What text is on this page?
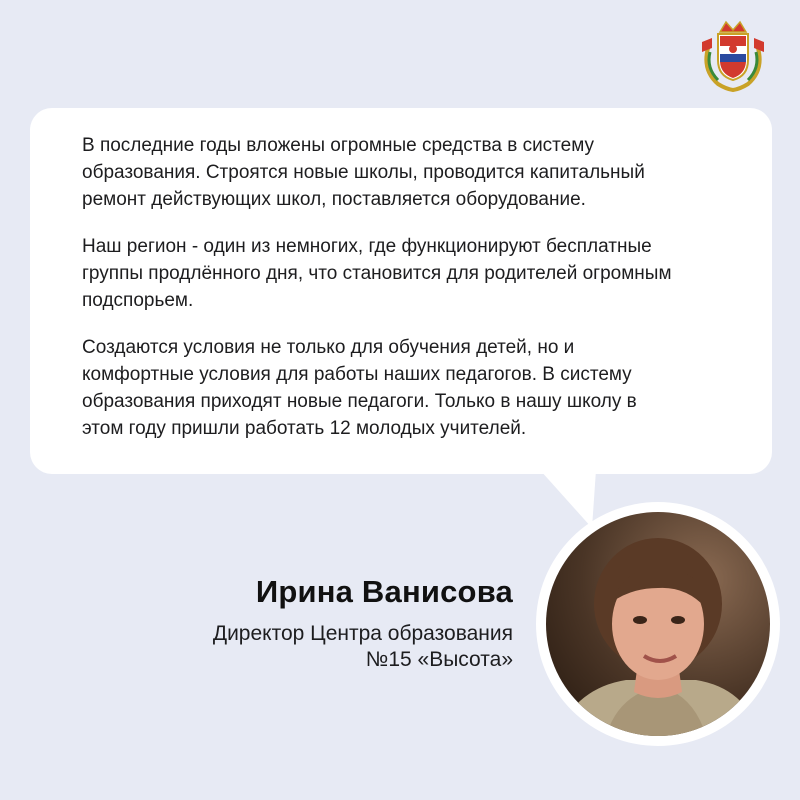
В последние годы вложены огромные средства в систему
образования. Строятся новые школы, проводится капитальный
ремонт действующих школ, поставляется оборудование.

Наш регион - один из немногих, где функционируют бесплатные
группы продлённого дня, что становится для родителей огромным
подспорьем.

Создаются условия не только для обучения детей, но и
комфортные условия для работы наших педагогов. В систему
образования приходят новые педагоги. Только в нашу школу в
этом году пришли работать 12 молодых учителей.

Ирина Ванисова
Директор Центра образования
№15 «Высота»
